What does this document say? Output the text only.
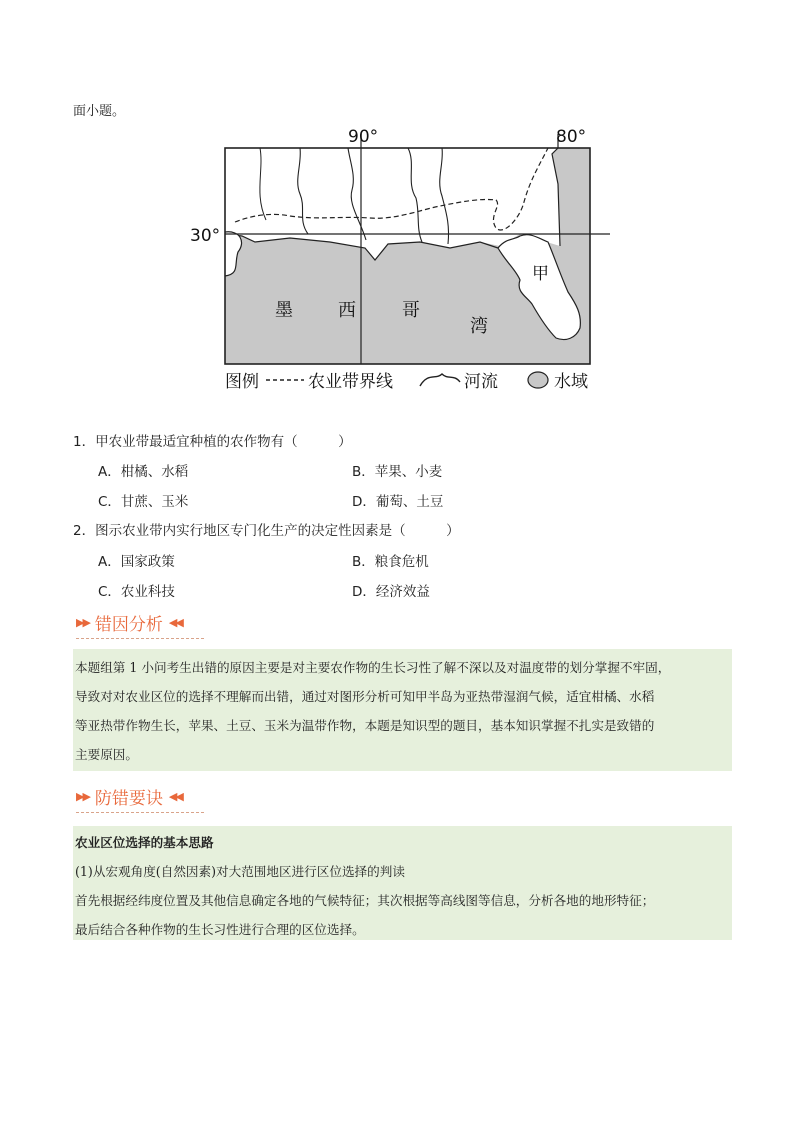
面小题。
90°	80°
30°
甲
墨	西	哥
湾
图例	农业带界线	河流	水域
1．甲农业带最适宜种植的农作物有（　　　）
A．柑橘、水稻	B．苹果、小麦
C．甘蔗、玉米	D．葡萄、土豆
2．图示农业带内实行地区专门化生产的决定性因素是（　　　）
A．国家政策	B．粮食危机
C．农业科技	D．经济效益
▶▶ 错因分析 ◀◀
本题组第 1 小问考生出错的原因主要是对主要农作物的生长习性了解不深以及对温度带的划分掌握不牢固，
导致对对农业区位的选择不理解而出错，通过对图形分析可知甲半岛为亚热带湿润气候，适宜柑橘、水稻
等亚热带作物生长，苹果、土豆、玉米为温带作物，本题是知识型的题目，基本知识掌握不扎实是致错的
主要原因。
▶▶ 防错要诀 ◀◀
农业区位选择的基本思路
(1)从宏观角度(自然因素)对大范围地区进行区位选择的判读
首先根据经纬度位置及其他信息确定各地的气候特征；其次根据等高线图等信息，分析各地的地形特征；
最后结合各种作物的生长习性进行合理的区位选择。
